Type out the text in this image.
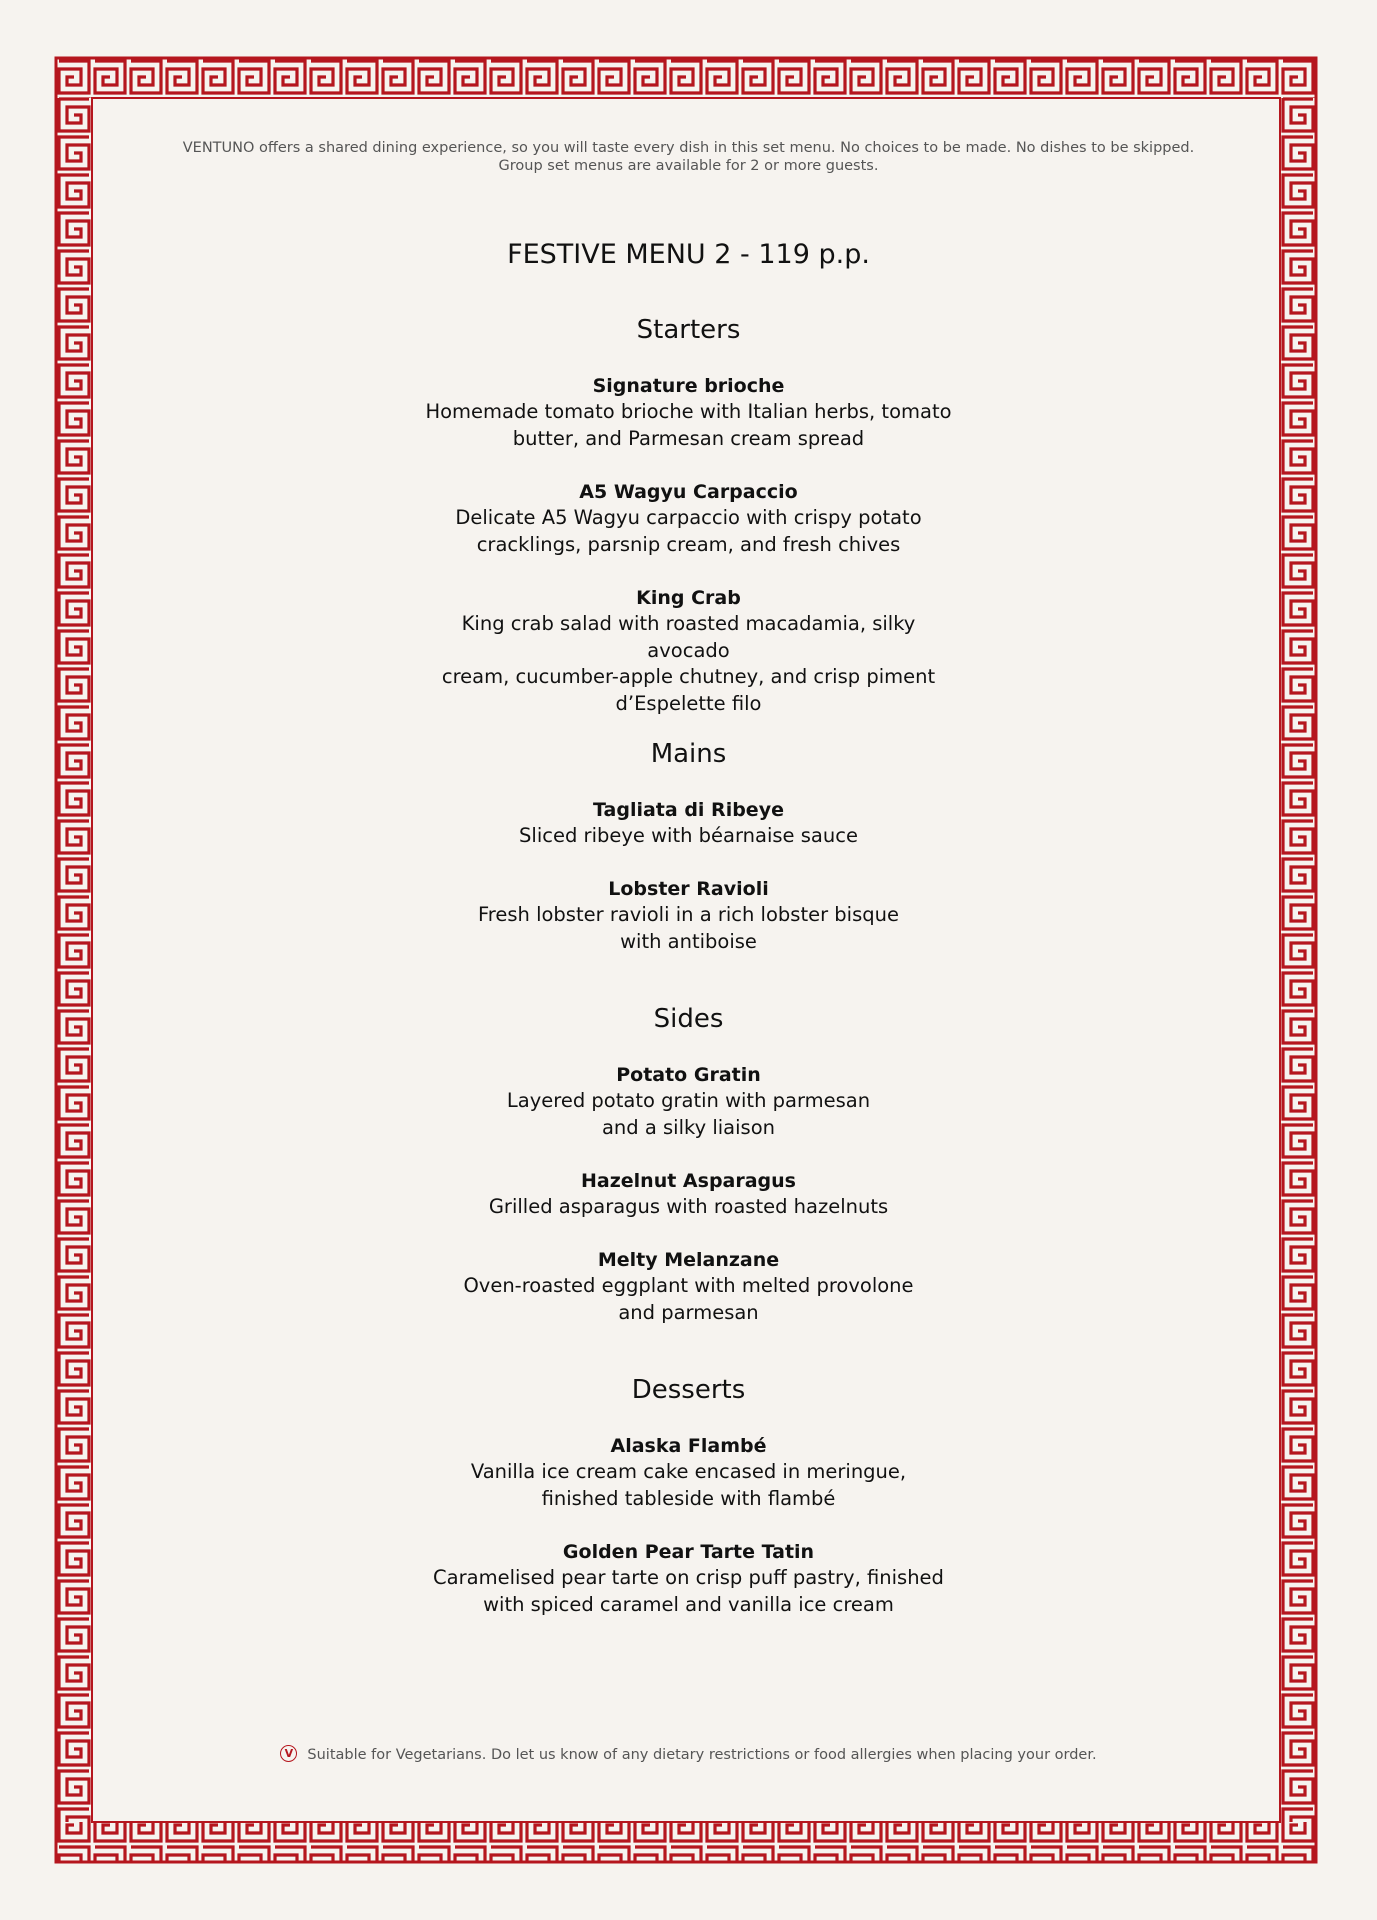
VENTUNO offers a shared dining experience, so you will taste every dish in this set menu. No choices to be made. No dishes to be skipped.
Group set menus are available for 2 or more guests.
FESTIVE MENU 2 - 119 p.p.
Starters
Signature brioche
Homemade tomato brioche with Italian herbs, tomato
butter, and Parmesan cream spread
A5 Wagyu Carpaccio
Delicate A5 Wagyu carpaccio with crispy potato
cracklings, parsnip cream, and fresh chives
King Crab
King crab salad with roasted macadamia, silky avocado
cream, cucumber-apple chutney, and crisp piment
d’Espelette filo
Mains
Tagliata di Ribeye
Sliced ribeye with béarnaise sauce
Lobster Ravioli
Fresh lobster ravioli in a rich lobster bisque
with antiboise
Sides
Potato Gratin
Layered potato gratin with parmesan
and a silky liaison
Hazelnut Asparagus
Grilled asparagus with roasted hazelnuts
Melty Melanzane
Oven-roasted eggplant with melted provolone
and parmesan
Desserts
Alaska Flambé
Vanilla ice cream cake encased in meringue,
finished tableside with flambé
Golden Pear Tarte Tatin
Caramelised pear tarte on crisp puff pastry, finished
with spiced caramel and vanilla ice cream
V Suitable for Vegetarians. Do let us know of any dietary restrictions or food allergies when placing your order.
